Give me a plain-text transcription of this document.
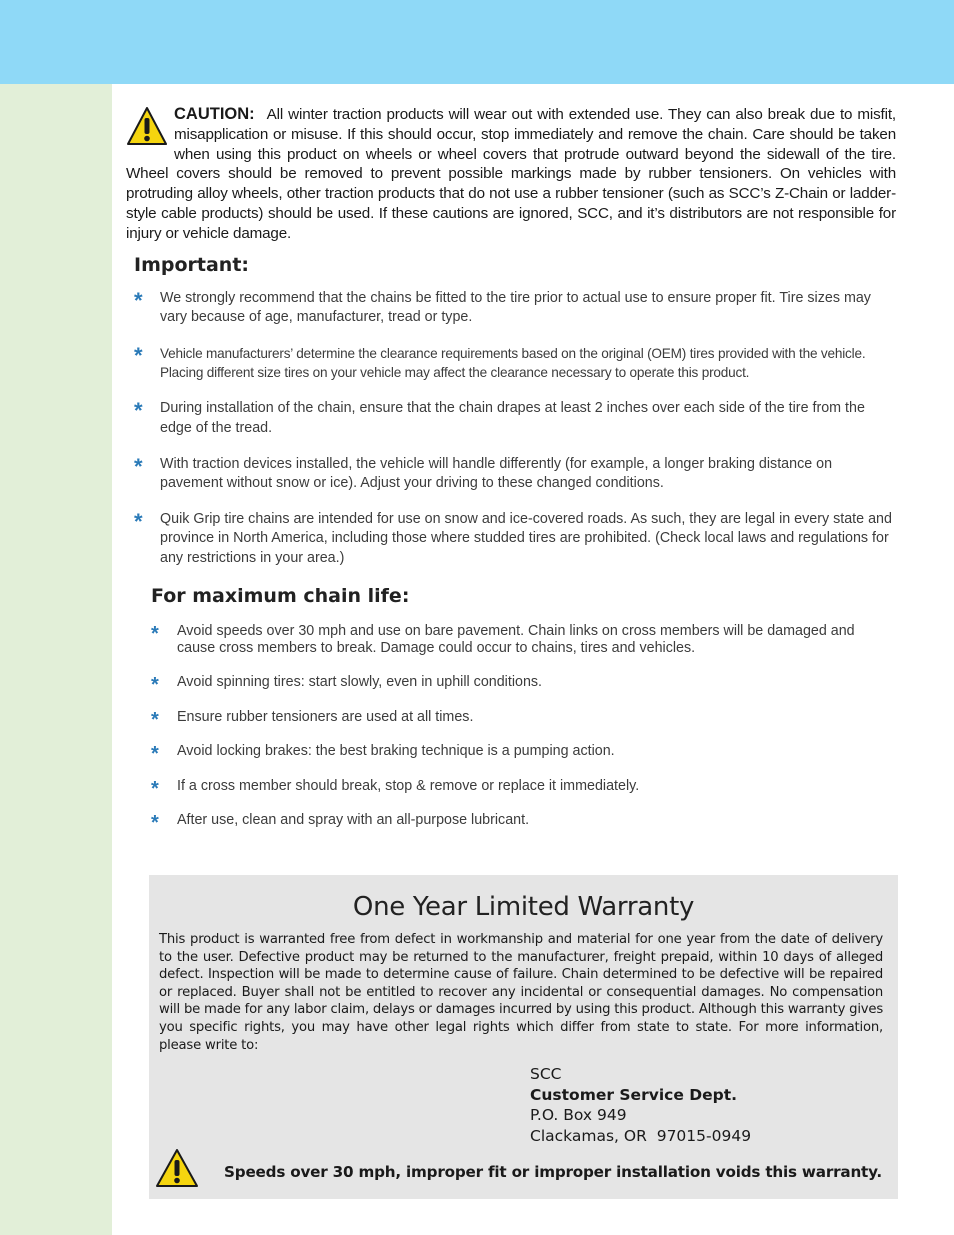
CAUTION: All winter traction products will wear out with extended use. They can also break due to misfit, misapplication or misuse. If this should occur, stop immediately and remove the chain. Care should be taken when using this product on wheels or wheel covers that protrude outward beyond the sidewall of the tire. Wheel covers should be removed to prevent possible markings made by rubber tensioners. On vehicles with protruding alloy wheels, other traction products that do not use a rubber tensioner (such as SCC’s Z-Chain or ladder-style cable products) should be used. If these cautions are ignored, SCC, and it’s distributors are not responsible for injury or vehicle damage.
Important:
* We strongly recommend that the chains be fitted to the tire prior to actual use to ensure proper fit. Tire sizes may vary because of age, manufacturer, tread or type.
* Vehicle manufacturers’ determine the clearance requirements based on the original (OEM) tires provided with the vehicle. Placing different size tires on your vehicle may affect the clearance necessary to operate this product.
* During installation of the chain, ensure that the chain drapes at least 2 inches over each side of the tire from the edge of the tread.
* With traction devices installed, the vehicle will handle differently (for example, a longer braking distance on pavement without snow or ice). Adjust your driving to these changed conditions.
* Quik Grip tire chains are intended for use on snow and ice-covered roads. As such, they are legal in every state and province in North America, including those where studded tires are prohibited. (Check local laws and regulations for any restrictions in your area.)
For maximum chain life:
* Avoid speeds over 30 mph and use on bare pavement. Chain links on cross members will be damaged and cause cross members to break. Damage could occur to chains, tires and vehicles.
* Avoid spinning tires: start slowly, even in uphill conditions.
* Ensure rubber tensioners are used at all times.
* Avoid locking brakes: the best braking technique is a pumping action.
* If a cross member should break, stop & remove or replace it immediately.
* After use, clean and spray with an all-purpose lubricant.
One Year Limited Warranty
This product is warranted free from defect in workmanship and material for one year from the date of delivery to the user. Defective product may be returned to the manufacturer, freight prepaid, within 10 days of alleged defect. Inspection will be made to determine cause of failure. Chain determined to be defective will be repaired or replaced. Buyer shall not be entitled to recover any incidental or consequential damages. No compensation will be made for any labor claim, delays or damages incurred by using this product. Although this warranty gives you specific rights, you may have other legal rights which differ from state to state. For more information, please write to:
SCC
Customer Service Dept.
P.O. Box 949
Clackamas, OR  97015-0949
Speeds over 30 mph, improper fit or improper installation voids this warranty.
